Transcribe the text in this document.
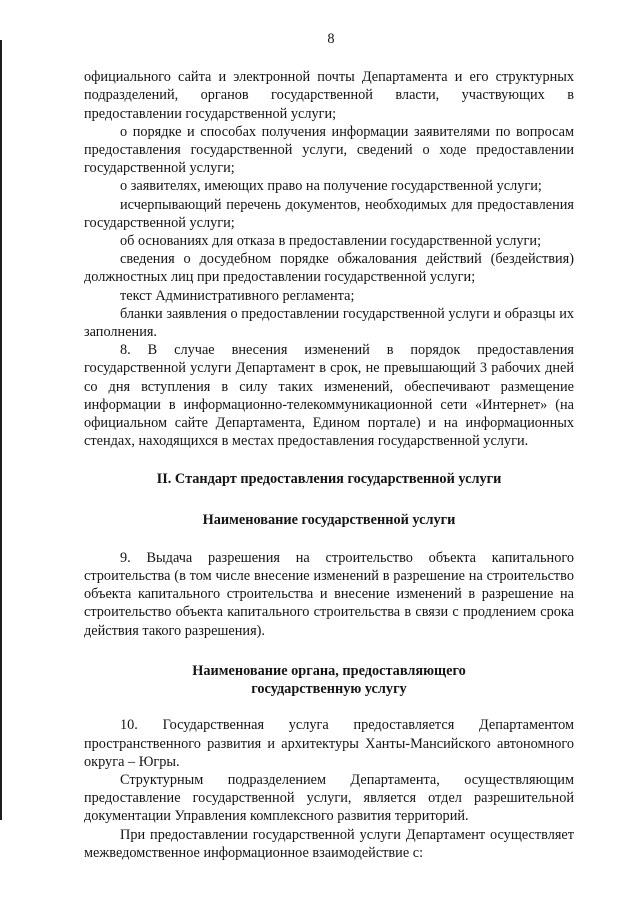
8

официального сайта и электронной почты Департамента и его структурных подразделений, органов государственной власти, участвующих в предоставлении государственной услуги;

о порядке и способах получения информации заявителями по вопросам предоставления государственной услуги, сведений о ходе предоставлении государственной услуги;

о заявителях, имеющих право на получение государственной услуги;

исчерпывающий перечень документов, необходимых для предоставления государственной услуги;

об основаниях для отказа в предоставлении государственной услуги;

сведения о досудебном порядке обжалования действий (бездействия) должностных лиц при предоставлении государственной услуги;

текст Административного регламента;

бланки заявления о предоставлении государственной услуги и образцы их заполнения.

8. В случае внесения изменений в порядок предоставления государственной услуги Департамент в срок, не превышающий 3 рабочих дней со дня вступления в силу таких изменений, обеспечивают размещение информации в информационно-телекоммуникационной сети «Интернет» (на официальном сайте Департамента, Едином портале) и на информационных стендах, находящихся в местах предоставления государственной услуги.

II. Стандарт предоставления государственной услуги
Наименование государственной услуги

9. Выдача разрешения на строительство объекта капитального строительства (в том числе внесение изменений в разрешение на строительство объекта капитального строительства и внесение изменений в разрешение на строительство объекта капитального строительства в связи с продлением срока действия такого разрешения).

Наименование органа, предоставляющего
государственную услугу

10. Государственная услуга предоставляется Департаментом пространственного развития и архитектуры Ханты-Мансийского автономного округа – Югры.

Структурным подразделением Департамента, осуществляющим предоставление государственной услуги, является отдел разрешительной документации Управления комплексного развития территорий.

При предоставлении государственной услуги Департамент осуществляет межведомственное информационное взаимодействие с:
